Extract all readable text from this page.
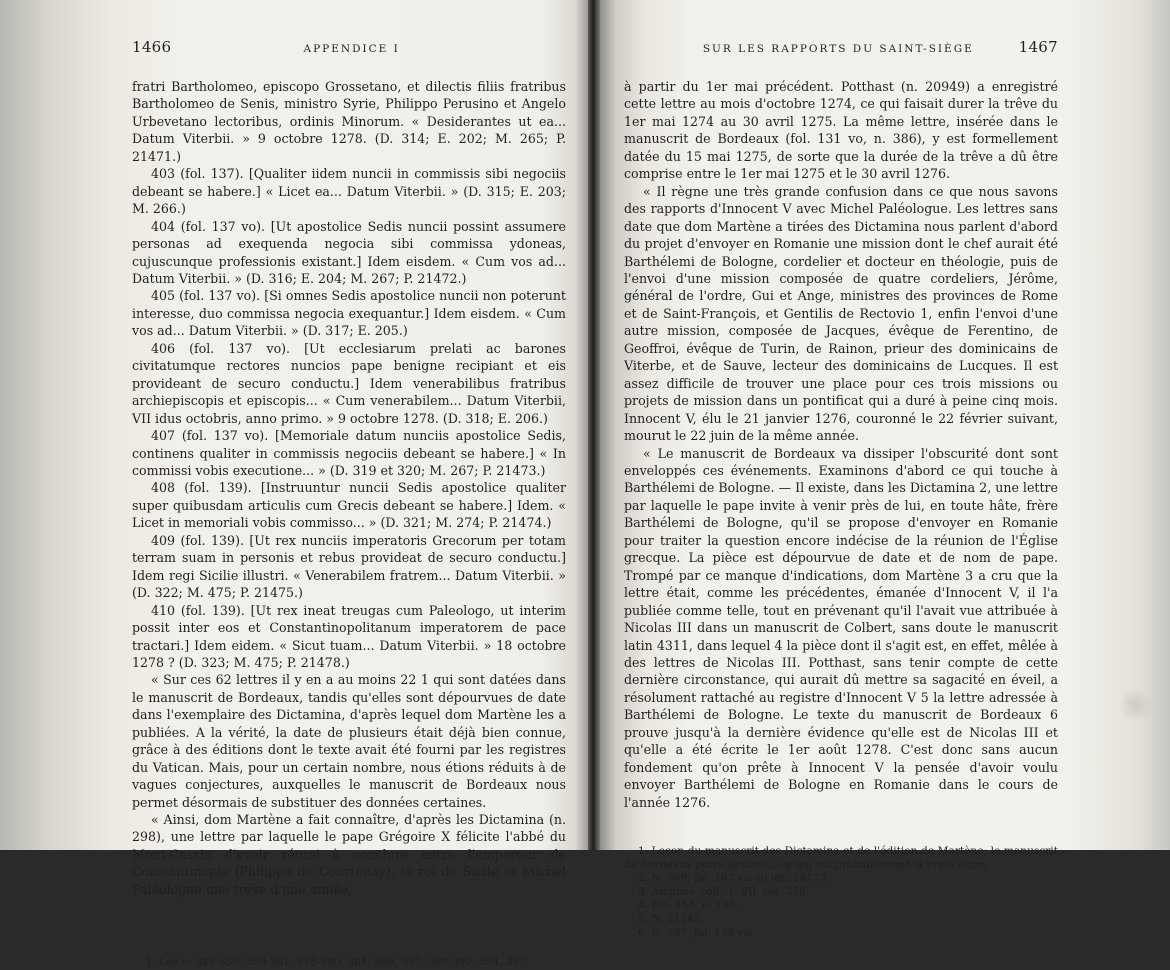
1466	APPENDICE I

fratri Bartholomeo, episcopo Grossetano, et dilectis filiis fratribus Bartholomeo de Senis, ministro Syrie, Philippo Perusino et Angelo Urbevetano lectoribus, ordinis Minorum. « Desiderantes ut ea... Datum Viterbii. » 9 octobre 1278. (D. 314; E. 202; M. 265; P. 21471.)

403 (fol. 137). [Qualiter iidem nuncii in commissis sibi negociis debeant se habere.] « Licet ea... Datum Viterbii. » (D. 315; E. 203; M. 266.)

404 (fol. 137 vo). [Ut apostolice Sedis nuncii possint assumere personas ad exequenda negocia sibi commissa ydoneas, cujuscunque professionis existant.] Idem eisdem. « Cum vos ad... Datum Viterbii. » (D. 316; E. 204; M. 267; P. 21472.)

405 (fol. 137 vo). [Si omnes Sedis apostolice nuncii non poterunt interesse, duo commissa negocia exequantur.] Idem eisdem. « Cum vos ad... Datum Viterbii. » (D. 317; E. 205.)

406 (fol. 137 vo). [Ut ecclesiarum prelati ac barones civitatumque rectores nuncios pape benigne recipiant et eis provideant de securo conductu.] Idem venerabilibus fratribus archiepiscopis et episcopis... « Cum venerabilem... Datum Viterbii, VII idus octobris, anno primo. » 9 octobre 1278. (D. 318; E. 206.)

407 (fol. 137 vo). [Memoriale datum nunciis apostolice Sedis, continens qualiter in commissis negociis debeant se habere.] « In commissi vobis executione... » (D. 319 et 320; M. 267; P. 21473.)

408 (fol. 139). [Instruuntur nuncii Sedis apostolice qualiter super quibusdam articulis cum Grecis debeant se habere.] Idem. « Licet in memoriali vobis commisso... » (D. 321; M. 274; P. 21474.)

409 (fol. 139). [Ut rex nunciis imperatoris Grecorum per totam terram suam in personis et rebus provideat de securo conductu.] Idem regi Sicilie illustri. « Venerabilem fratrem... Datum Viterbii. » (D. 322; M. 475; P. 21475.)

410 (fol. 139). [Ut rex ineat treugas cum Paleologo, ut interim possit inter eos et Constantinopolitanum imperatorem de pace tractari.] Idem eidem. « Sicut tuam... Datum Viterbii. » 18 octobre 1278 ? (D. 323; M. 475; P. 21478.)

« Sur ces 62 lettres il y en a au moins 22 1 qui sont datées dans le manuscrit de Bordeaux, tandis qu'elles sont dépourvues de date dans l'exemplaire des Dictamina, d'après lequel dom Martène les a publiées. A la vérité, la date de plusieurs était déjà bien connue, grâce à des éditions dont le texte avait été fourni par les registres du Vatican. Mais, pour un certain nombre, nous étions réduits à de vagues conjectures, auxquelles le manuscrit de Bordeaux nous permet désormais de substituer des données certaines.

« Ainsi, dom Martène a fait connaître, d'après les Dictamina (n. 298), une lettre par laquelle le pape Grégoire X félicite l'abbé du Mont-Cassin d'avoir réussi à conclure entre l'empereur de Constantinople (Philippe de Courtenay), le roi de Sicile et Michel Paléologue une trêve d'une année,

1. Les n. 349-355, 359-361, 378-380, 384, 386, 387, 389-392, 394, 397.

SUR LES RAPPORTS DU SAINT-SIÈGE	1467

à partir du 1er mai précédent. Potthast (n. 20949) a enregistré cette lettre au mois d'octobre 1274, ce qui faisait durer la trêve du 1er mai 1274 au 30 avril 1275. La même lettre, insérée dans le manuscrit de Bordeaux (fol. 131 vo, n. 386), y est formellement datée du 15 mai 1275, de sorte que la durée de la trêve a dû être comprise entre le 1er mai 1275 et le 30 avril 1276.

« Il règne une très grande confusion dans ce que nous savons des rapports d'Innocent V avec Michel Paléologue. Les lettres sans date que dom Martène a tirées des Dictamina nous parlent d'abord du projet d'envoyer en Romanie une mission dont le chef aurait été Barthélemi de Bologne, cordelier et docteur en théologie, puis de l'envoi d'une mission composée de quatre cordeliers, Jérôme, général de l'ordre, Gui et Ange, ministres des provinces de Rome et de Saint-François, et Gentilis de Rectovio 1, enfin l'envoi d'une autre mission, composée de Jacques, évêque de Ferentino, de Geoffroi, évêque de Turin, de Rainon, prieur des dominicains de Viterbe, et de Sauve, lecteur des dominicains de Lucques. Il est assez difficile de trouver une place pour ces trois missions ou projets de mission dans un pontificat qui a duré à peine cinq mois. Innocent V, élu le 21 janvier 1276, couronné le 22 février suivant, mourut le 22 juin de la même année.

« Le manuscrit de Bordeaux va dissiper l'obscurité dont sont enveloppés ces événements. Examinons d'abord ce qui touche à Barthélemi de Bologne. — Il existe, dans les Dictamina 2, une lettre par laquelle le pape invite à venir près de lui, en toute hâte, frère Barthélemi de Bologne, qu'il se propose d'envoyer en Romanie pour traiter la question encore indécise de la réunion de l'Église grecque. La pièce est dépourvue de date et de nom de pape. Trompé par ce manque d'indications, dom Martène 3 a cru que la lettre était, comme les précédentes, émanée d'Innocent V, il l'a publiée comme telle, tout en prévenant qu'il l'avait vue attribuée à Nicolas III dans un manuscrit de Colbert, sans doute le manuscrit latin 4311, dans lequel 4 la pièce dont il s'agit est, en effet, mêlée à des lettres de Nicolas III. Potthast, sans tenir compte de cette dernière circonstance, qui aurait dû mettre sa sagacité en éveil, a résolument rattaché au registre d'Innocent V 5 la lettre adressée à Barthélemi de Bologne. Le texte du manuscrit de Bordeaux 6 prouve jusqu'à la dernière évidence qu'elle est de Nicolas III et qu'elle a été écrite le 1er août 1278. C'est donc sans aucun fondement qu'on prête à Innocent V la pensée d'avoir voulu envoyer Barthélemi de Bologne en Romanie dans le cours de l'année 1276.

1. Leçon du manuscrit des Dictamina et de l'édition de Martène; le manuscrit de Bordeaux porte Bettonio, ce qui est probablement la vraie leçon.

2. N. 309; fol. 167 vo du ms. 14173.

3. Ampliss. coll., t. VII, col. 258.

4. Fol. 148, n. 195.

5. N. 21145.

6. N. 397, fol. 135 vo.
